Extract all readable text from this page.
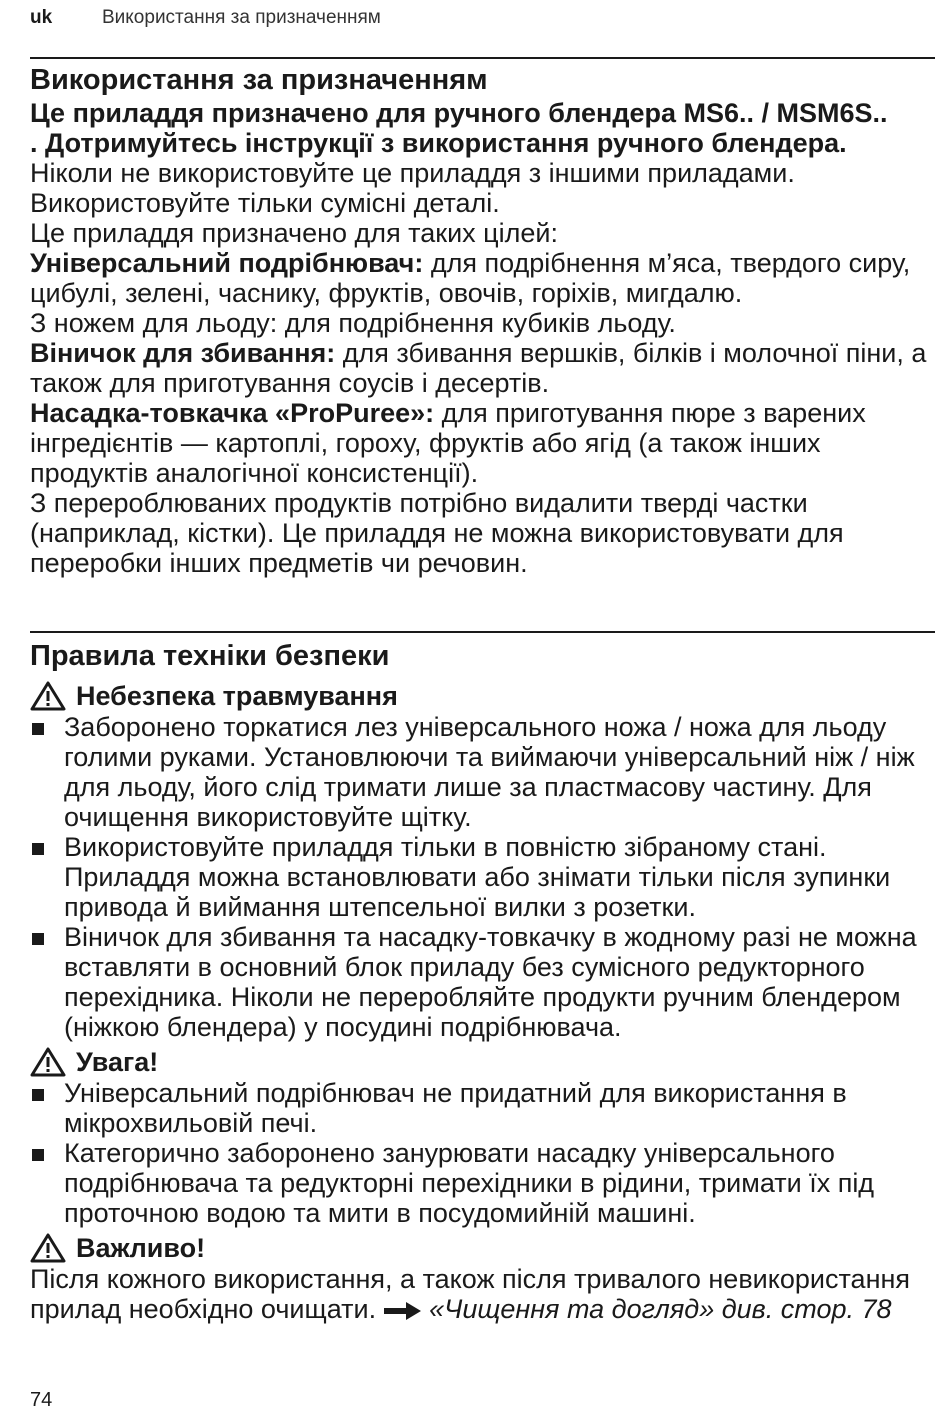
uk	Використання за призначенням
Використання за призначенням

Це приладдя призначено для ручного блендера MS6.. / MSM6S.. . Дотримуйтесь інструкції з використання ручного блендера.

Ніколи не використовуйте це приладдя з іншими приладами. Використовуйте тільки сумісні деталі.

Це приладдя призначено для таких цілей:

Універсальний подрібнювач: для подрібнення м’яса, твердого сиру, цибулі, зелені, часнику, фруктів, овочів, горіхів, мигдалю.

З ножем для льоду: для подрібнення кубиків льоду.

Віничок для збивання: для збивання вершків, білків і молочної піни, а також для приготування соусів і десертів.

Насадка-товкачка «ProPuree»: для приготування пюре з варених інгредієнтів — картоплі, гороху, фруктів або ягід (а також інших продуктів аналогічної консистенції).

З перероблюваних продуктів потрібно видалити тверді частки (наприклад, кістки). Це приладдя не можна використовувати для переробки інших предметів чи речовин.

Правила техніки безпеки
Небезпека травмування
Заборонено торкатися лез універсального ножа / ножа для льоду голими руками. Установлюючи та виймаючи універсальний ніж / ніж для льоду, його слід тримати лише за пластмасову частину. Для очищення використовуйте щітку.
Використовуйте приладдя тільки в повністю зібраному стані. Приладдя можна встановлювати або знімати тільки після зупинки привода й виймання штепсельної вилки з розетки.
Віничок для збивання та насадку-товкачку в жодному разі не можна вставляти в основний блок приладу без сумісного редукторного перехідника. Ніколи не переробляйте продукти ручним блендером (ніжкою блендера) у посудині подрібнювача.
Увага!
Універсальний подрібнювач не придатний для використання в мікрохвильовій печі.
Категорично заборонено занурювати насадку універсального подрібнювача та редукторні перехідники в рідини, тримати їх під проточною водою та мити в посудомийній машині.
Важливо!

Після кожного використання, а також після тривалого невикористання прилад необхідно очищати.  «Чищення та догляд» див. стор. 78

74
